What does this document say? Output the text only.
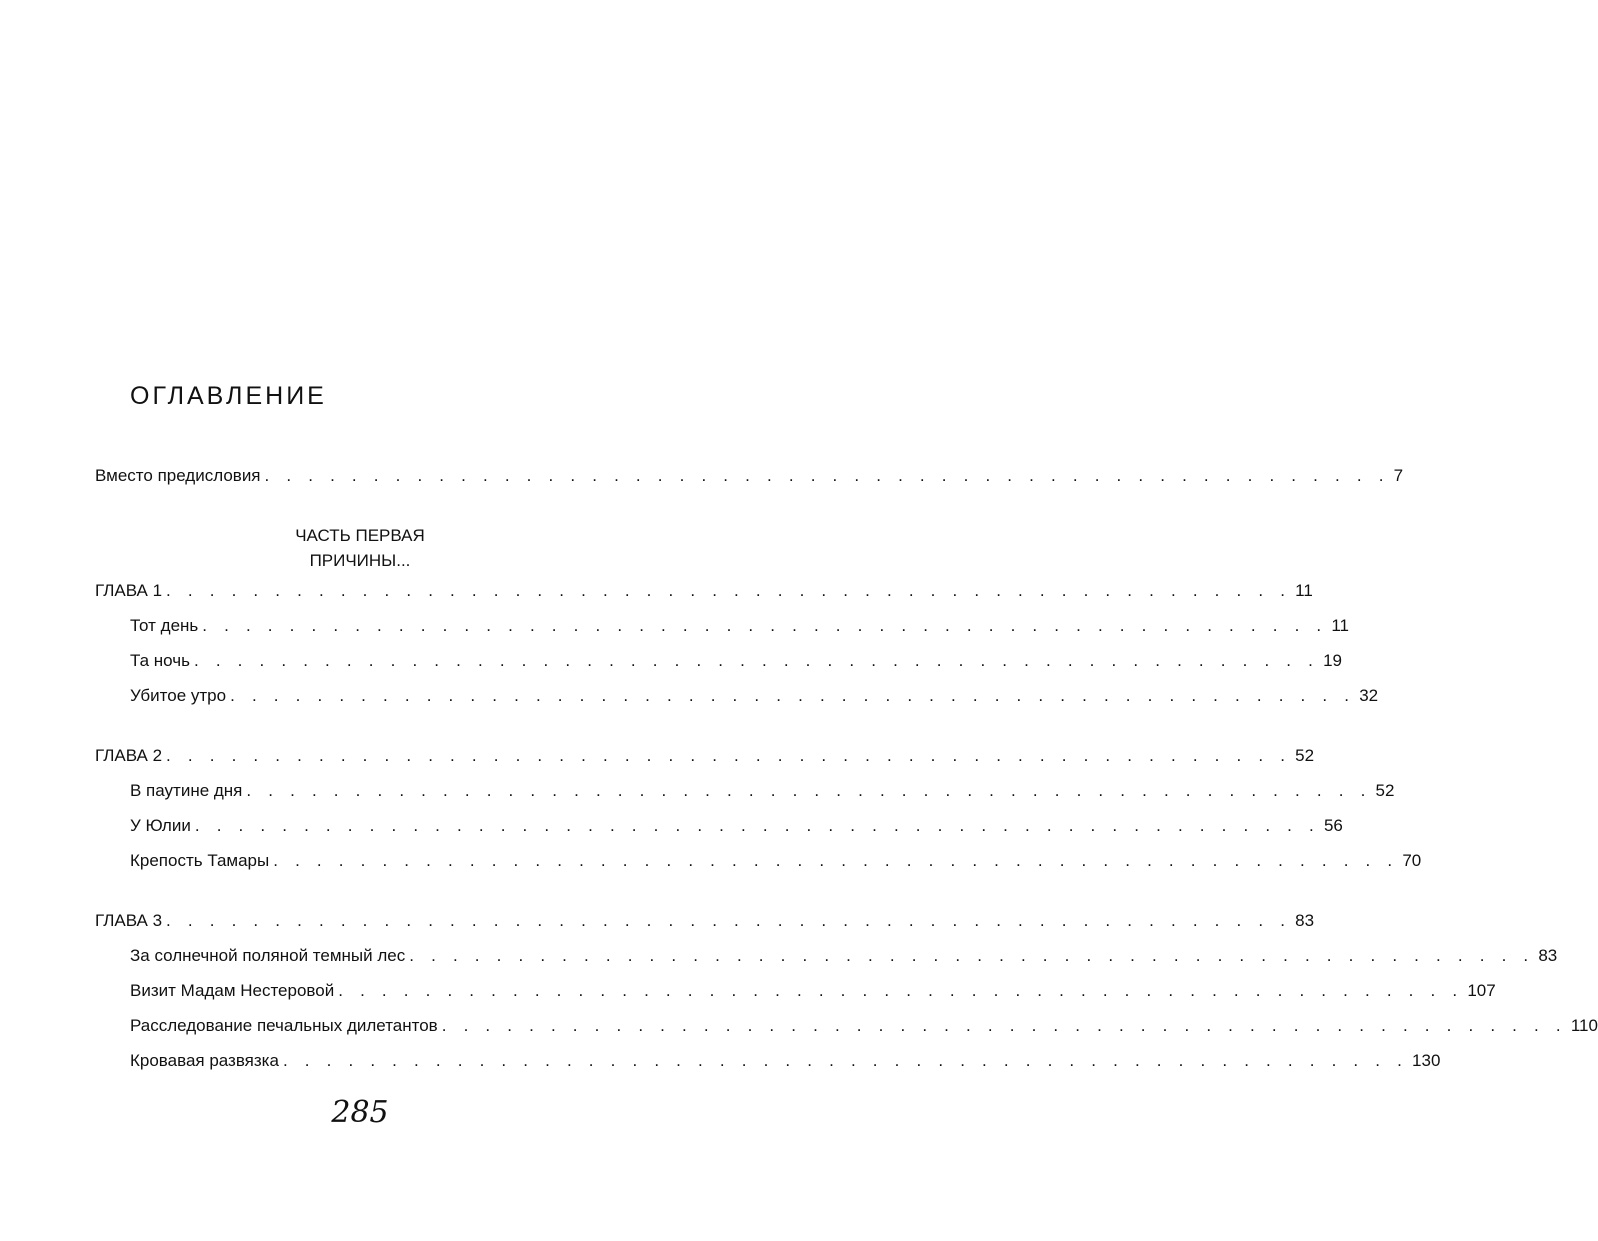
ОГЛАВЛЕНИЕ
Вместо предисловия . . . . . . . . . . . . . . . . . . . . . . . . . . . . . . . . . . . . . . . . . . . . . . . . . . . . 7

ЧАСТЬ ПЕРВАЯ

ПРИЧИНЫ...

ГЛАВА 1 . . . . . . . . . . . . . . . . . . . . . . . . . . . . . . . . . . . . . . . . . . . . . . . . . . . . 11
Тот день . . . . . . . . . . . . . . . . . . . . . . . . . . . . . . . . . . . . . . . . . . . . . . . . . . . . 11
Та ночь . . . . . . . . . . . . . . . . . . . . . . . . . . . . . . . . . . . . . . . . . . . . . . . . . . . . 19
Убитое утро . . . . . . . . . . . . . . . . . . . . . . . . . . . . . . . . . . . . . . . . . . . . . . . . . . . . 32
ГЛАВА 2 . . . . . . . . . . . . . . . . . . . . . . . . . . . . . . . . . . . . . . . . . . . . . . . . . . . . 52
В паутине дня . . . . . . . . . . . . . . . . . . . . . . . . . . . . . . . . . . . . . . . . . . . . . . . . . . . . 52
У Юлии . . . . . . . . . . . . . . . . . . . . . . . . . . . . . . . . . . . . . . . . . . . . . . . . . . . . 56
Крепость Тамары . . . . . . . . . . . . . . . . . . . . . . . . . . . . . . . . . . . . . . . . . . . . . . . . . . . . 70
ГЛАВА 3 . . . . . . . . . . . . . . . . . . . . . . . . . . . . . . . . . . . . . . . . . . . . . . . . . . . . 83
За солнечной поляной темный лес . . . . . . . . . . . . . . . . . . . . . . . . . . . . . . . . . . . . . . . . . . . . . . . . . . . . 83
Визит Мадам Нестеровой . . . . . . . . . . . . . . . . . . . . . . . . . . . . . . . . . . . . . . . . . . . . . . . . . . . . 107
Расследование печальных дилетантов . . . . . . . . . . . . . . . . . . . . . . . . . . . . . . . . . . . . . . . . . . . . . . . . . . . . 110
Кровавая развязка . . . . . . . . . . . . . . . . . . . . . . . . . . . . . . . . . . . . . . . . . . . . . . . . . . . . 130

285
